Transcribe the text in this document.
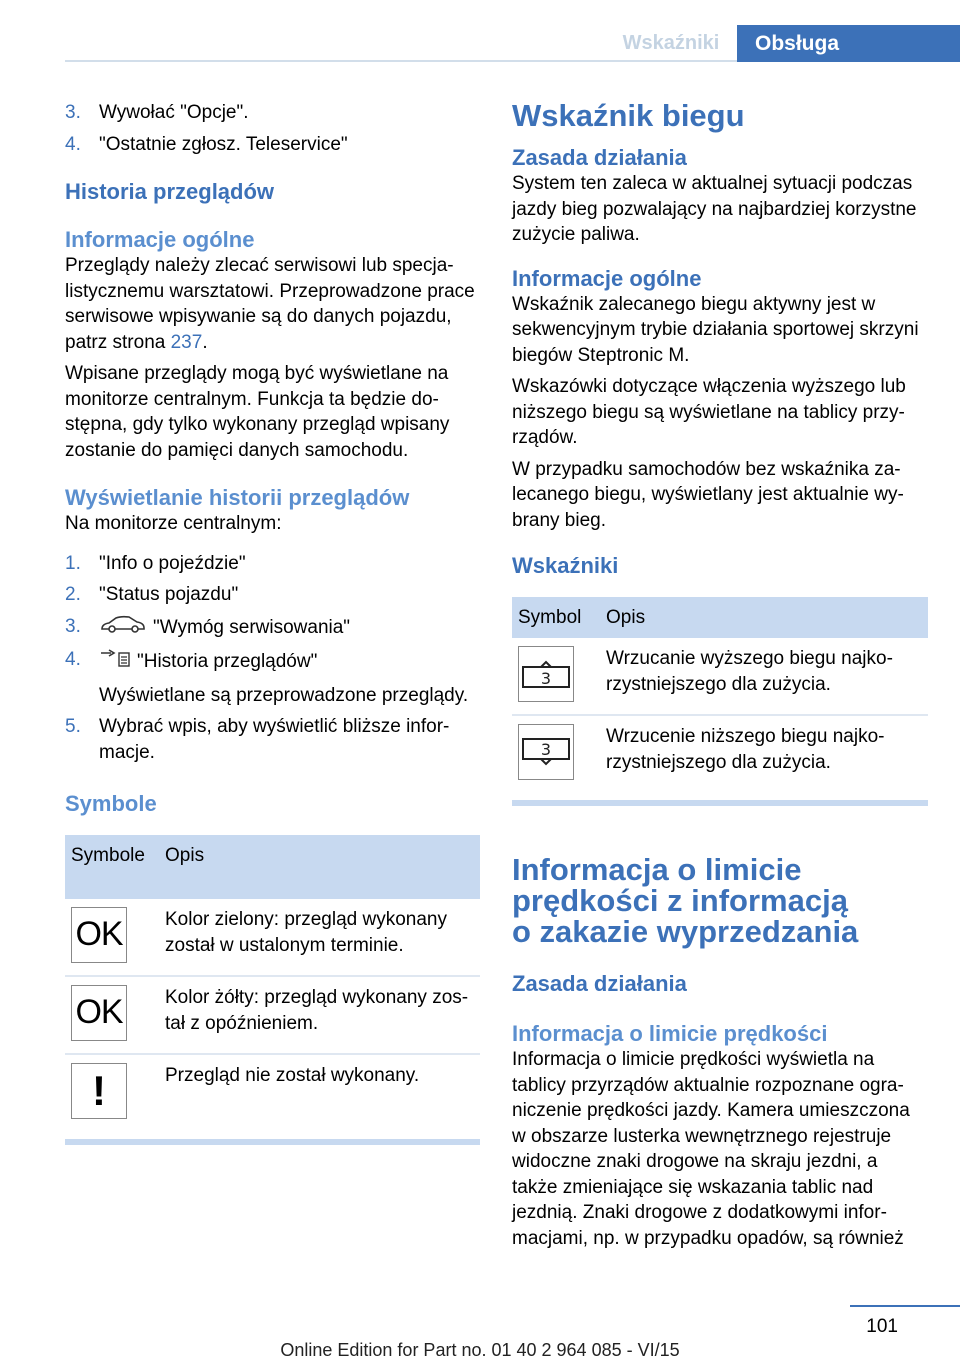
Wskaźniki	Obsługa
3. Wywołać "Opcje".
4. "Ostatnie zgłosz. Teleservice"
Historia przeglądów
Informacje ogólne

Przeglądy należy zlecać serwisowi lub specjalistycznemu warsztatowi. Przeprowadzone prace serwisowe wpisywanie są do danych pojazdu, patrz strona 237.

Wpisane przeglądy mogą być wyświetlane na monitorze centralnym. Funkcja ta będzie dostępna, gdy tylko wykonany przegląd wpisany zostanie do pamięci danych samochodu.

Wyświetlanie historii przeglądów

Na monitorze centralnym:

1. "Info o pojeździe"
2. "Status pojazdu"
3.	"Wymóg serwisowania"
4.	"Historia przeglądów"
Wyświetlane są przeprowadzone przeglądy.
5. Wybrać wpis, aby wyświetlić bliższe informacje.
Symbole
Symbole	Opis

OK	Kolor zielony: przegląd wykonany został w ustalonym terminie.

OK	Kolor żółty: przegląd wykonany został z opóźnieniem.

!	Przegląd nie został wykonany.
Wskaźnik biegu
Zasada działania

System ten zaleca w aktualnej sytuacji podczas jazdy bieg pozwalający na najbardziej korzystne zużycie paliwa.

Informacje ogólne

Wskaźnik zalecanego biegu aktywny jest w sekwencyjnym trybie działania sportowej skrzyni biegów Steptronic M.

Wskazówki dotyczące włączenia wyższego lub niższego biegu są wyświetlane na tablicy przyrządów.

W przypadku samochodów bez wskaźnika zalecanego biegu, wyświetlany jest aktualnie wybrany bieg.

Wskaźniki
Symbol	Opis

3	Wrzucanie wyższego biegu najkorzystniejszego dla zużycia.

3	Wrzucenie niższego biegu najkorzystniejszego dla zużycia.
Informacja o limicie
prędkości z informacją
o zakazie wyprzedzania
Zasada działania
Informacja o limicie prędkości

Informacja o limicie prędkości wyświetla na tablicy przyrządów aktualnie rozpoznane ograniczenie prędkości jazdy. Kamera umieszczona w obszarze lusterka wewnętrznego rejestruje widoczne znaki drogowe na skraju jezdni, a także zmieniające się wskazania tablic nad jezdnią. Znaki drogowe z dodatkowymi informacjami, np. w przypadku opadów, są również

101
Online Edition for Part no. 01 40 2 964 085 - VI/15
